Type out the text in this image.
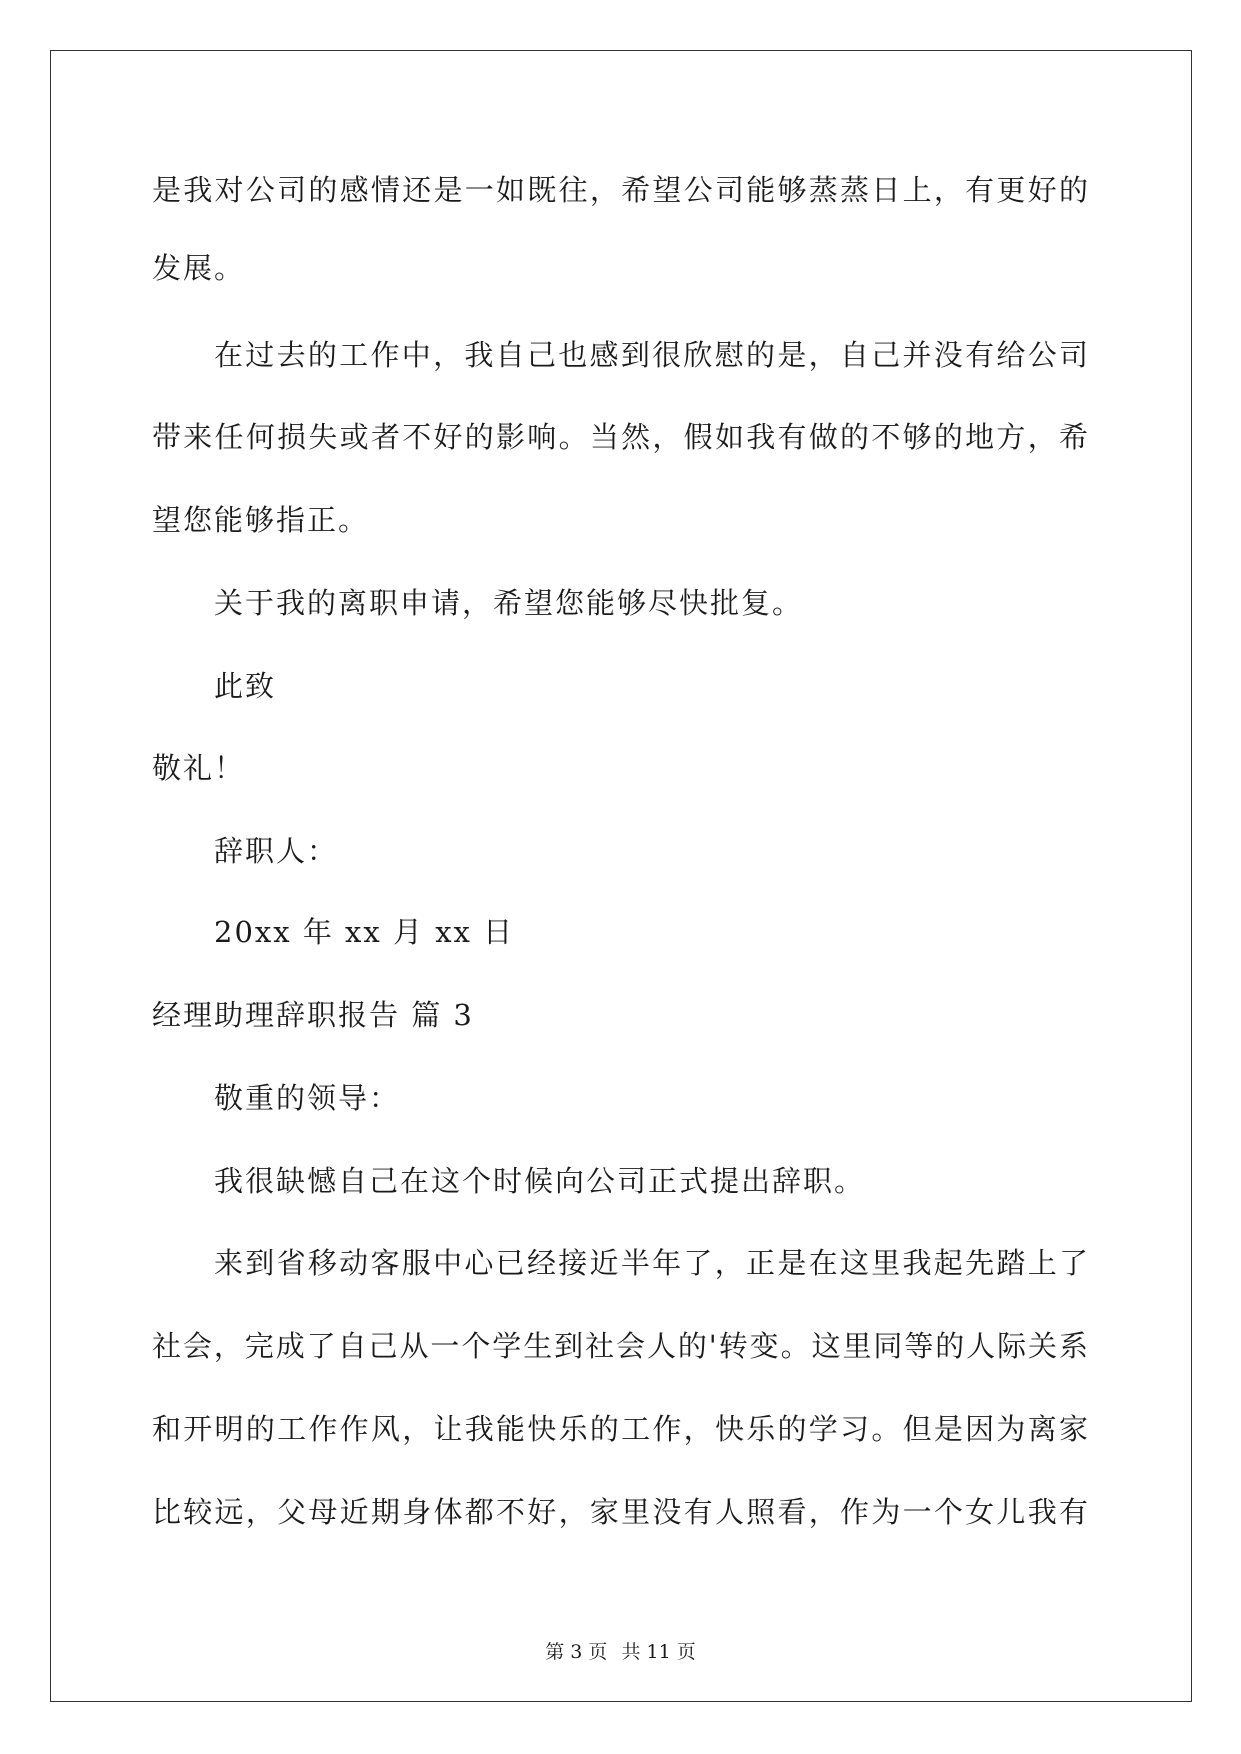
是我对公司的感情还是一如既往，希望公司能够蒸蒸日上，有更好的
发展。
在过去的工作中，我自己也感到很欣慰的是，自己并没有给公司
带来任何损失或者不好的影响。当然，假如我有做的不够的地方，希
望您能够指正。
关于我的离职申请，希望您能够尽快批复。
此致
敬礼！
辞职人：
20xx 年 xx 月 xx 日
经理助理辞职报告 篇 3
敬重的领导：
我很缺憾自己在这个时候向公司正式提出辞职。
来到省移动客服中心已经接近半年了，正是在这里我起先踏上了
社会，完成了自己从一个学生到社会人的'转变。这里同等的人际关系
和开明的工作作风，让我能快乐的工作，快乐的学习。但是因为离家
比较远，父母近期身体都不好，家里没有人照看，作为一个女儿我有
第 3 页 共 11 页
